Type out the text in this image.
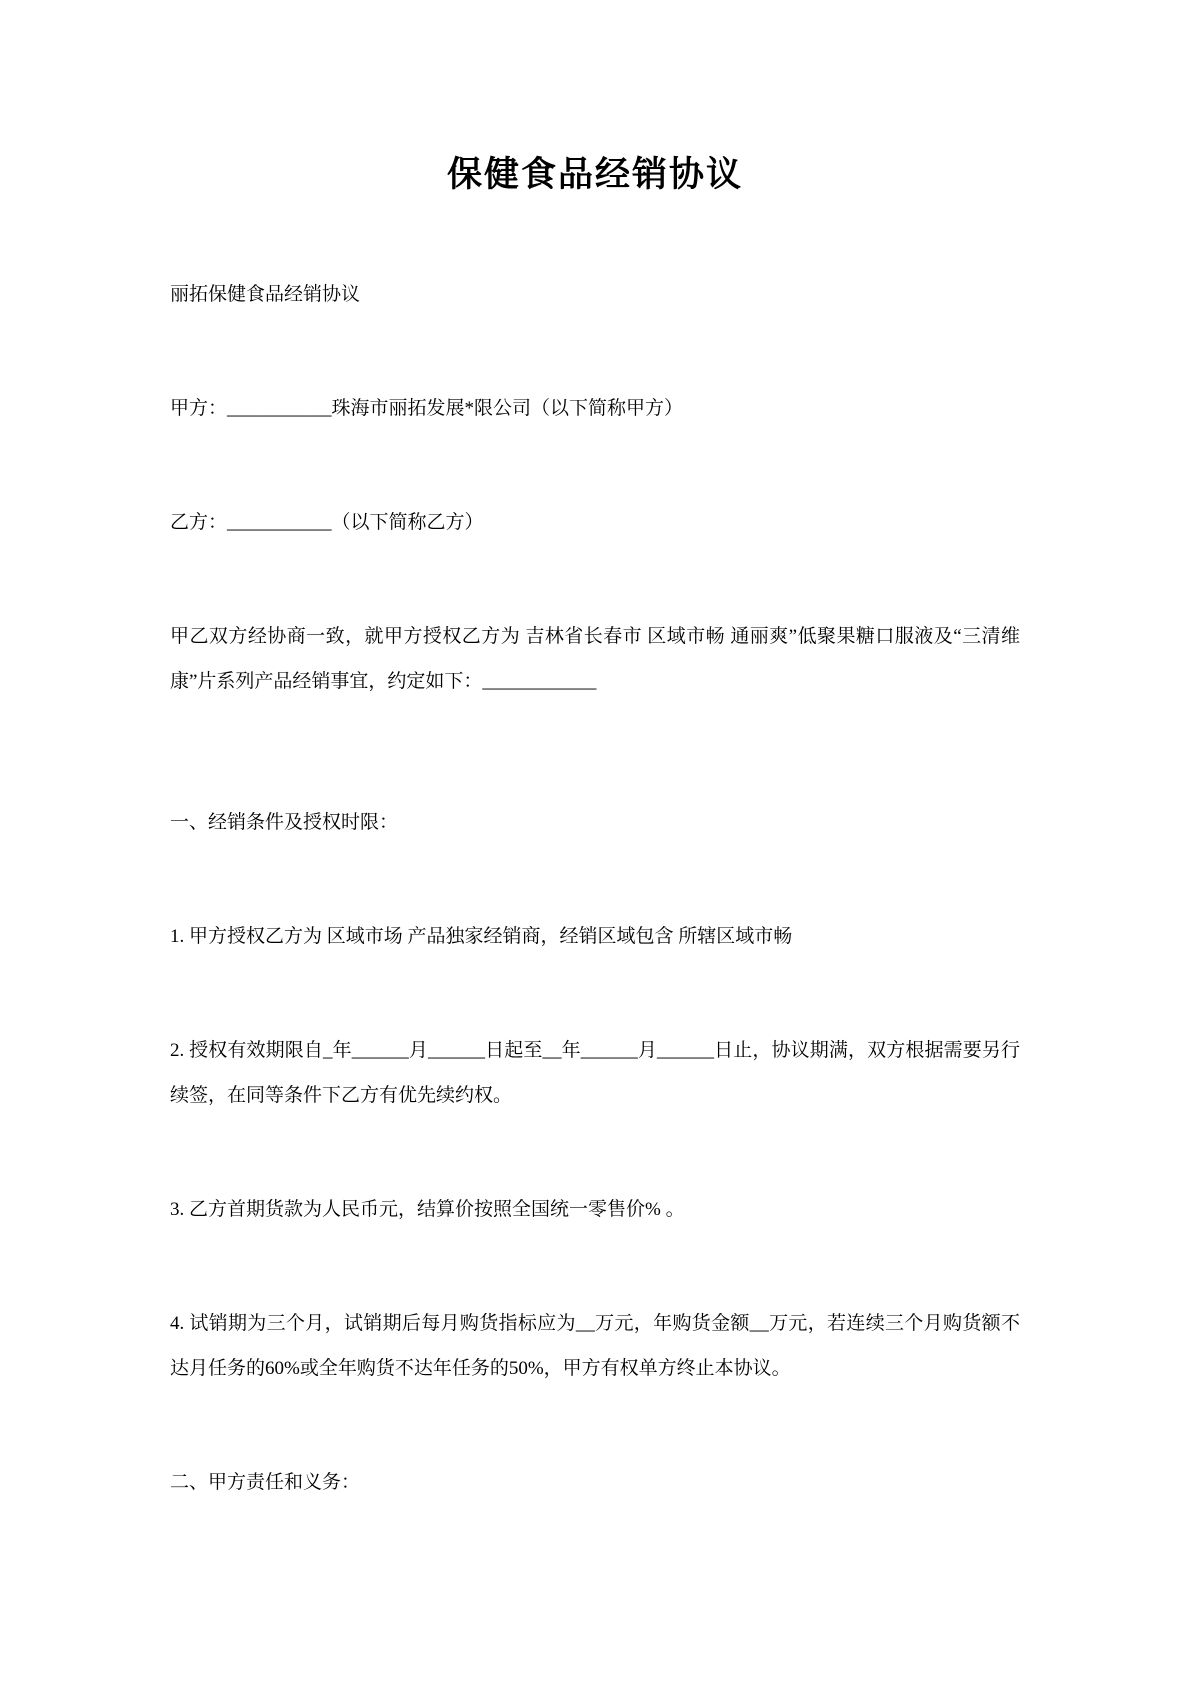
保健食品经销协议

丽拓保健食品经销协议

甲方：___________珠海市丽拓发展*限公司（以下简称甲方）

乙方：___________（以下简称乙方）

甲乙双方经协商一致，就甲方授权乙方为 吉林省长春市 区域市畅 通丽爽”低聚果糖口服液及“三清维康”片系列产品经销事宜，约定如下：____________

一、经销条件及授权时限：

1. 甲方授权乙方为 区域市场 产品独家经销商，经销区域包含 所辖区域市畅

2. 授权有效期限自_年______月______日起至__年______月______日止，协议期满，双方根据需要另行续签，在同等条件下乙方有优先续约权。

3. 乙方首期货款为人民币元，结算价按照全国统一零售价% 。

4. 试销期为三个月，试销期后每月购货指标应为__万元，年购货金额__万元，若连续三个月购货额不达月任务的60%或全年购货不达年任务的50%，甲方有权单方终止本协议。

二、甲方责任和义务：
